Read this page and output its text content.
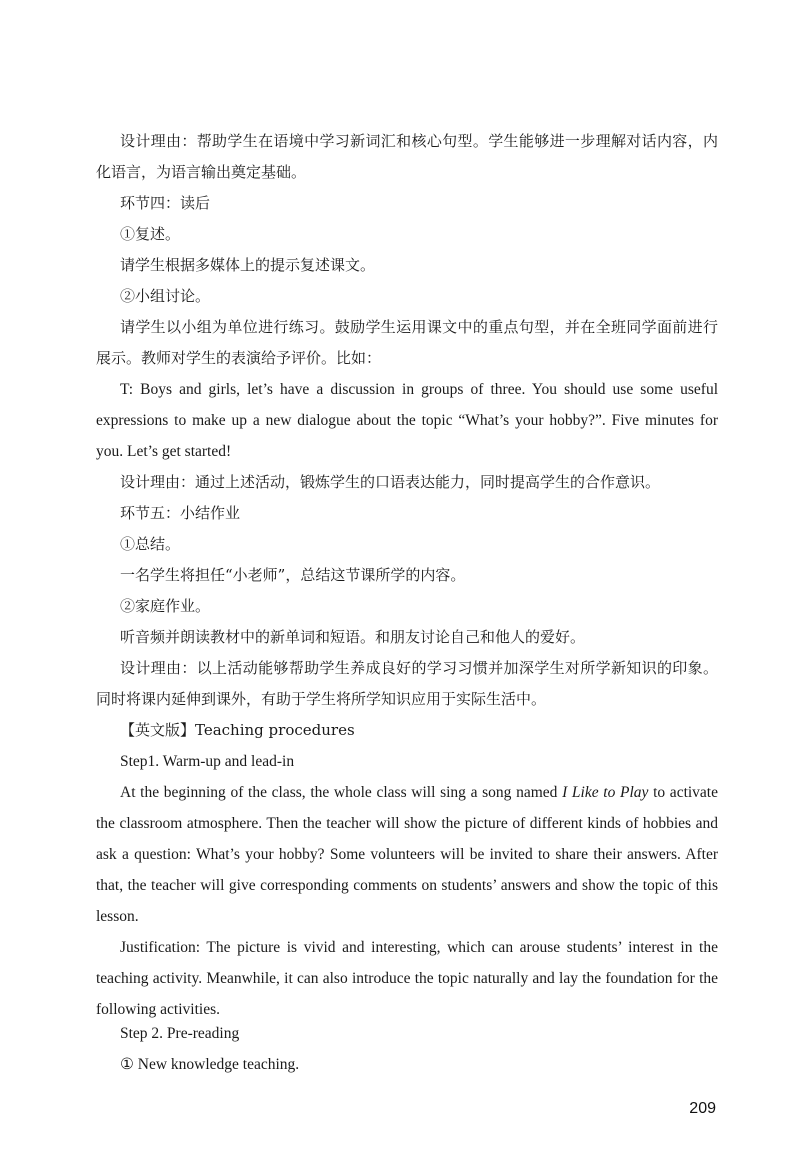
设计理由：帮助学生在语境中学习新词汇和核心句型。学生能够进一步理解对话内容，内化语言，为语言输出奠定基础。

环节四：读后

①复述。

请学生根据多媒体上的提示复述课文。

②小组讨论。

请学生以小组为单位进行练习。鼓励学生运用课文中的重点句型，并在全班同学面前进行展示。教师对学生的表演给予评价。比如：

T: Boys and girls, let’s have a discussion in groups of three. You should use some useful expressions to make up a new dialogue about the topic “What’s your hobby?”. Five minutes for you. Let’s get started!

设计理由：通过上述活动，锻炼学生的口语表达能力，同时提高学生的合作意识。

环节五：小结作业

①总结。

一名学生将担任“小老师”，总结这节课所学的内容。

②家庭作业。

听音频并朗读教材中的新单词和短语。和朋友讨论自己和他人的爱好。

设计理由：以上活动能够帮助学生养成良好的学习习惯并加深学生对所学新知识的印象。同时将课内延伸到课外，有助于学生将所学知识应用于实际生活中。

【英文版】Teaching procedures

Step1. Warm-up and lead-in

At the beginning of the class, the whole class will sing a song named I Like to Play to activate the classroom atmosphere. Then the teacher will show the picture of different kinds of hobbies and ask a question: What’s your hobby? Some volunteers will be invited to share their answers. After that, the teacher will give corresponding comments on students’ answers and show the topic of this lesson.

Justification: The picture is vivid and interesting, which can arouse students’ interest in the teaching activity. Meanwhile, it can also introduce the topic naturally and lay the foundation for the following activities.

Step 2. Pre-reading

① New knowledge teaching.

209
